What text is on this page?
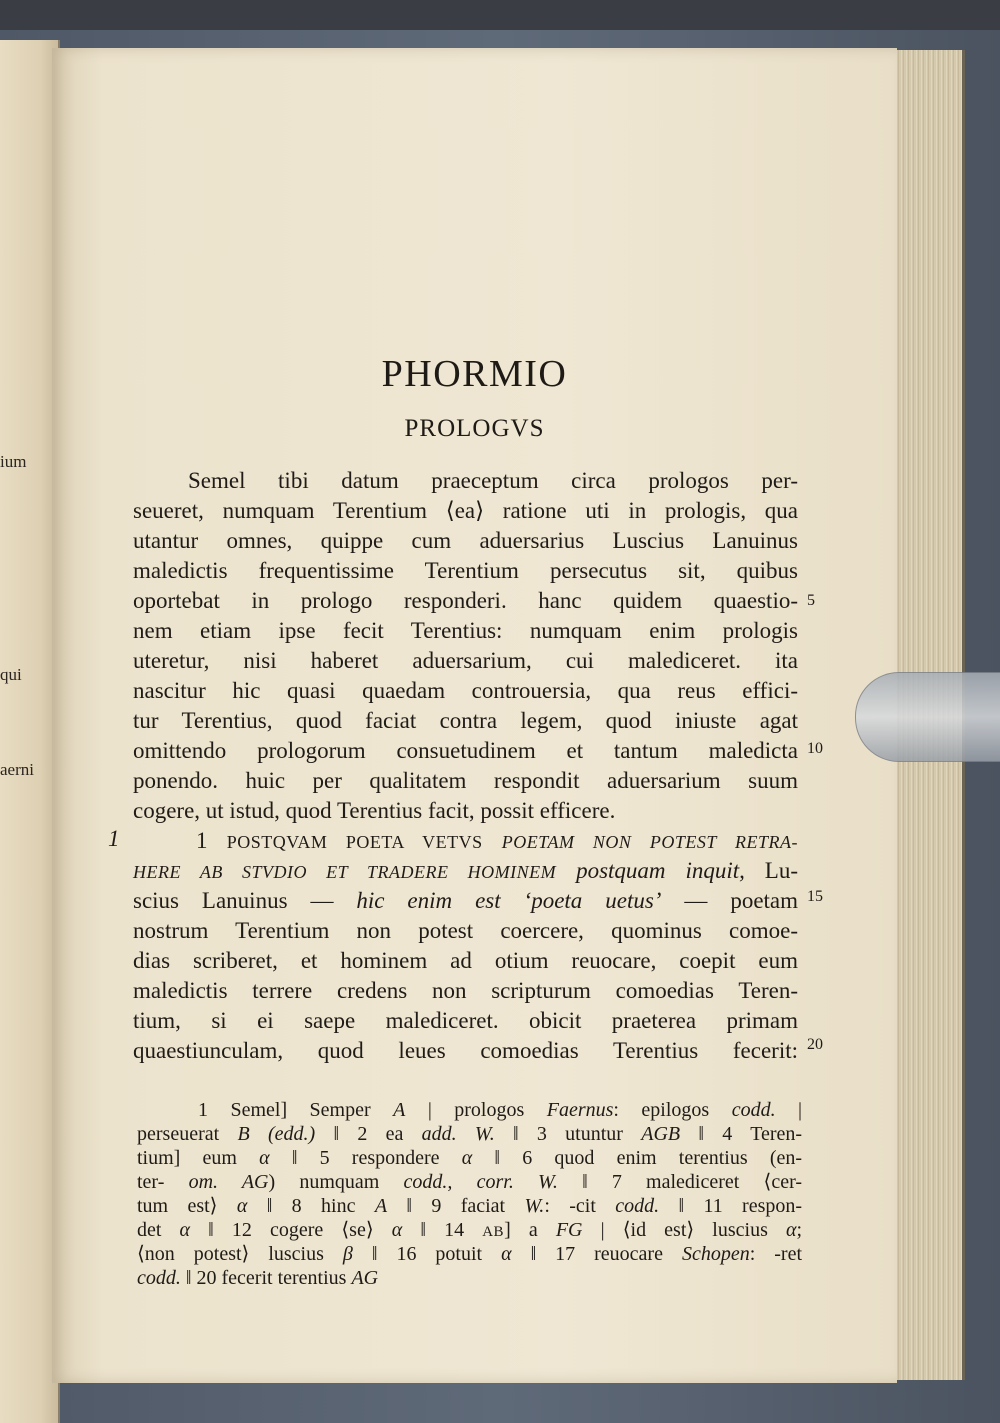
ium
qui
aerni
PHORMIO
PROLOGVS
Semel tibi datum praeceptum circa prologos per-
seueret, numquam Terentium ⟨ea⟩ ratione uti in prologis, qua
utantur omnes, quippe cum aduersarius Luscius Lanuinus
maledictis frequentissime Terentium persecutus sit, quibus
oportebat in prologo responderi. hanc quidem quaestio-
nem etiam ipse fecit Terentius: numquam enim prologis
uteretur, nisi haberet aduersarium, cui malediceret. ita
nascitur hic quasi quaedam controuersia, qua reus effici-
tur Terentius, quod faciat contra legem, quod iniuste agat
omittendo prologorum consuetudinem et tantum maledicta
ponendo. huic per qualitatem respondit aduersarium suum
cogere, ut istud, quod Terentius facit, possit efficere.
5
10
15
20
1	1 POSTQVAM POETA VETVS POETAM NON POTEST RETRA-
HERE AB STVDIO ET TRADERE HOMINEM postquam inquit, Lu-
scius Lanuinus — hic enim est ‘poeta uetus’ — poetam
nostrum Terentium non potest coercere, quominus comoe-
dias scriberet, et hominem ad otium reuocare, coepit eum
maledictis terrere credens non scripturum comoedias Teren-
tium, si ei saepe malediceret. obicit praeterea primam
quaestiunculam, quod leues comoedias Terentius fecerit:
1 Semel] Semper A | prologos Faernus: epilogos codd. |
perseuerat B (edd.) ‖ 2 ea add. W. ‖ 3 utuntur AGB ‖ 4 Teren-
tium] eum α ‖ 5 respondere α ‖ 6 quod enim terentius (en-
ter- om. AG) numquam codd., corr. W. ‖ 7 malediceret ⟨cer-
tum est⟩ α ‖ 8 hinc A ‖ 9 faciat W.: -cit codd. ‖ 11 respon-
det α ‖ 12 cogere ⟨se⟩ α ‖ 14 AB] a FG | ⟨id est⟩ luscius α;
⟨non potest⟩ luscius β ‖ 16 potuit α ‖ 17 reuocare Schopen: -ret
codd. ‖ 20 fecerit terentius AG
